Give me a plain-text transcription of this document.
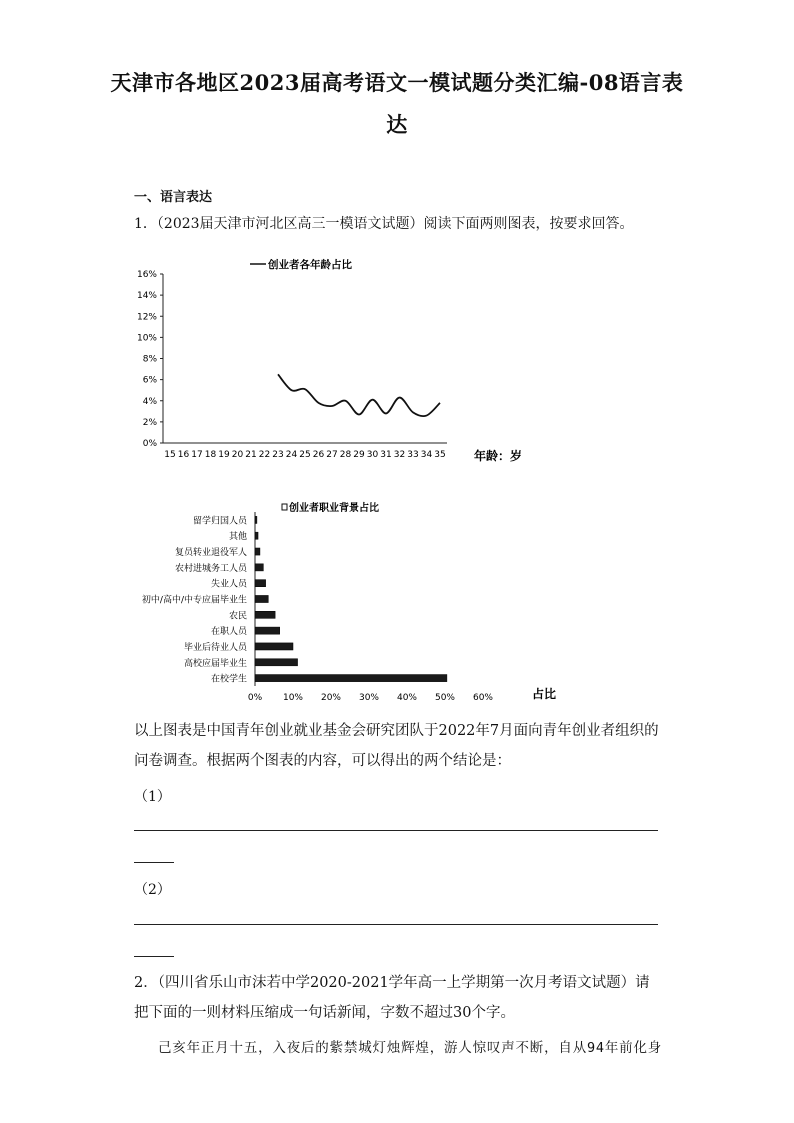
天津市各地区2023届高考语文一模试题分类汇编-08语言表达
一、语言表达
1．（2023届天津市河北区高三一模语文试题）阅读下面两则图表，按要求回答。
0%
2%
4%
6%
8%
10%
12%
14%
16%
15 16 17 18 19 20 21 22 23 24 25 26 27 28 29 30 31 32 33 34 35
创业者各年龄占比
年龄：岁
留学归国人员
其他
复员转业退役军人
农村进城务工人员
失业人员
初中/高中/中专应届毕业生
农民
在职人员
毕业后待业人员
高校应届毕业生
在校学生
0% 10% 20% 30% 40% 50% 60%
创业者职业背景占比
占比
以上图表是中国青年创业就业基金会研究团队于2022年7月面向青年创业者组织的问卷调查。根据两个图表的内容，可以得出的两个结论是：
（1）
（2）
2．（四川省乐山市沫若中学2020-2021学年高一上学期第一次月考语文试题）请把下面的一则材料压缩成一句话新闻，字数不超过30个字。
己亥年正月十五，入夜后的紫禁城灯烛辉煌，游人惊叹声不断，自从94年前化身
